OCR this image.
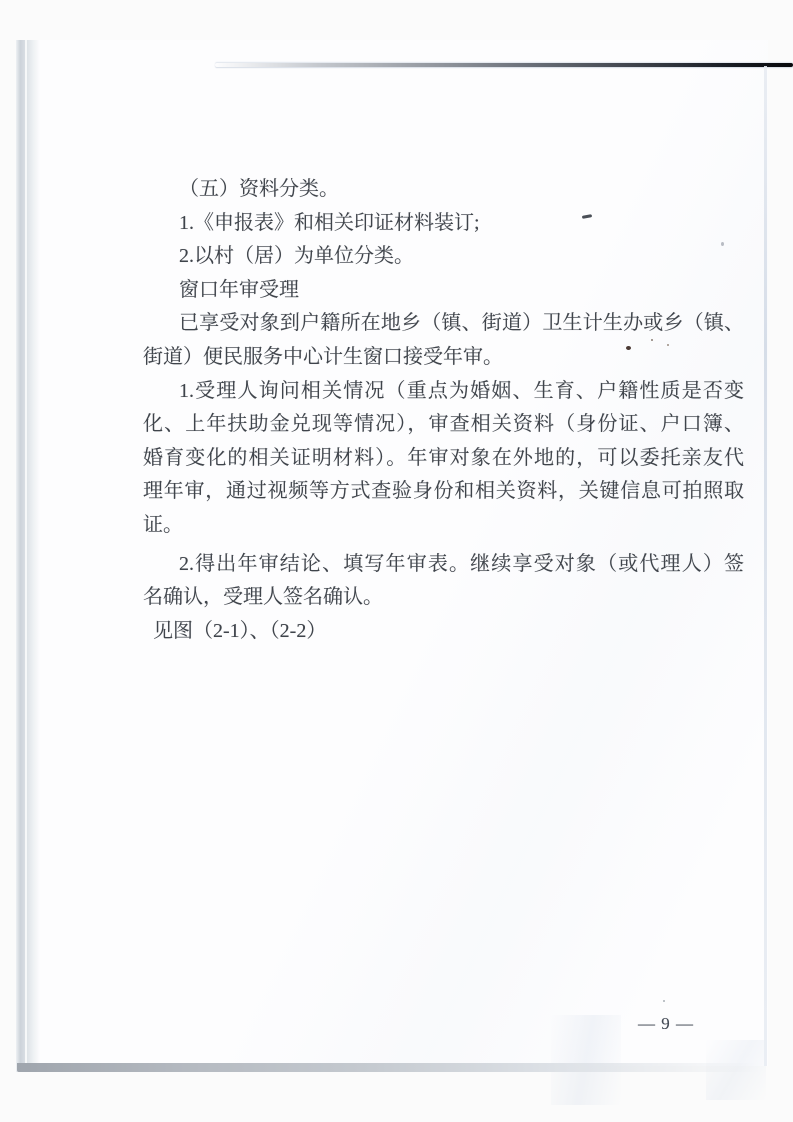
（五）资料分类。
1.《申报表》和相关印证材料装订;
2.以村（居）为单位分类。
窗口年审受理
已享受对象到户籍所在地乡（镇、街道）卫生计生办或乡（镇、
街道）便民服务中心计生窗口接受年审。
1.受理人询问相关情况（重点为婚姻、生育、户籍性质是否变
化、上年扶助金兑现等情况），审查相关资料（身份证、户口簿、
婚育变化的相关证明材料）。年审对象在外地的，可以委托亲友代
理年审，通过视频等方式查验身份和相关资料，关键信息可拍照取
证。
2.得出年审结论、填写年审表。继续享受对象（或代理人）签
名确认，受理人签名确认。
见图（2-1）、（2-2）
— 9 —
